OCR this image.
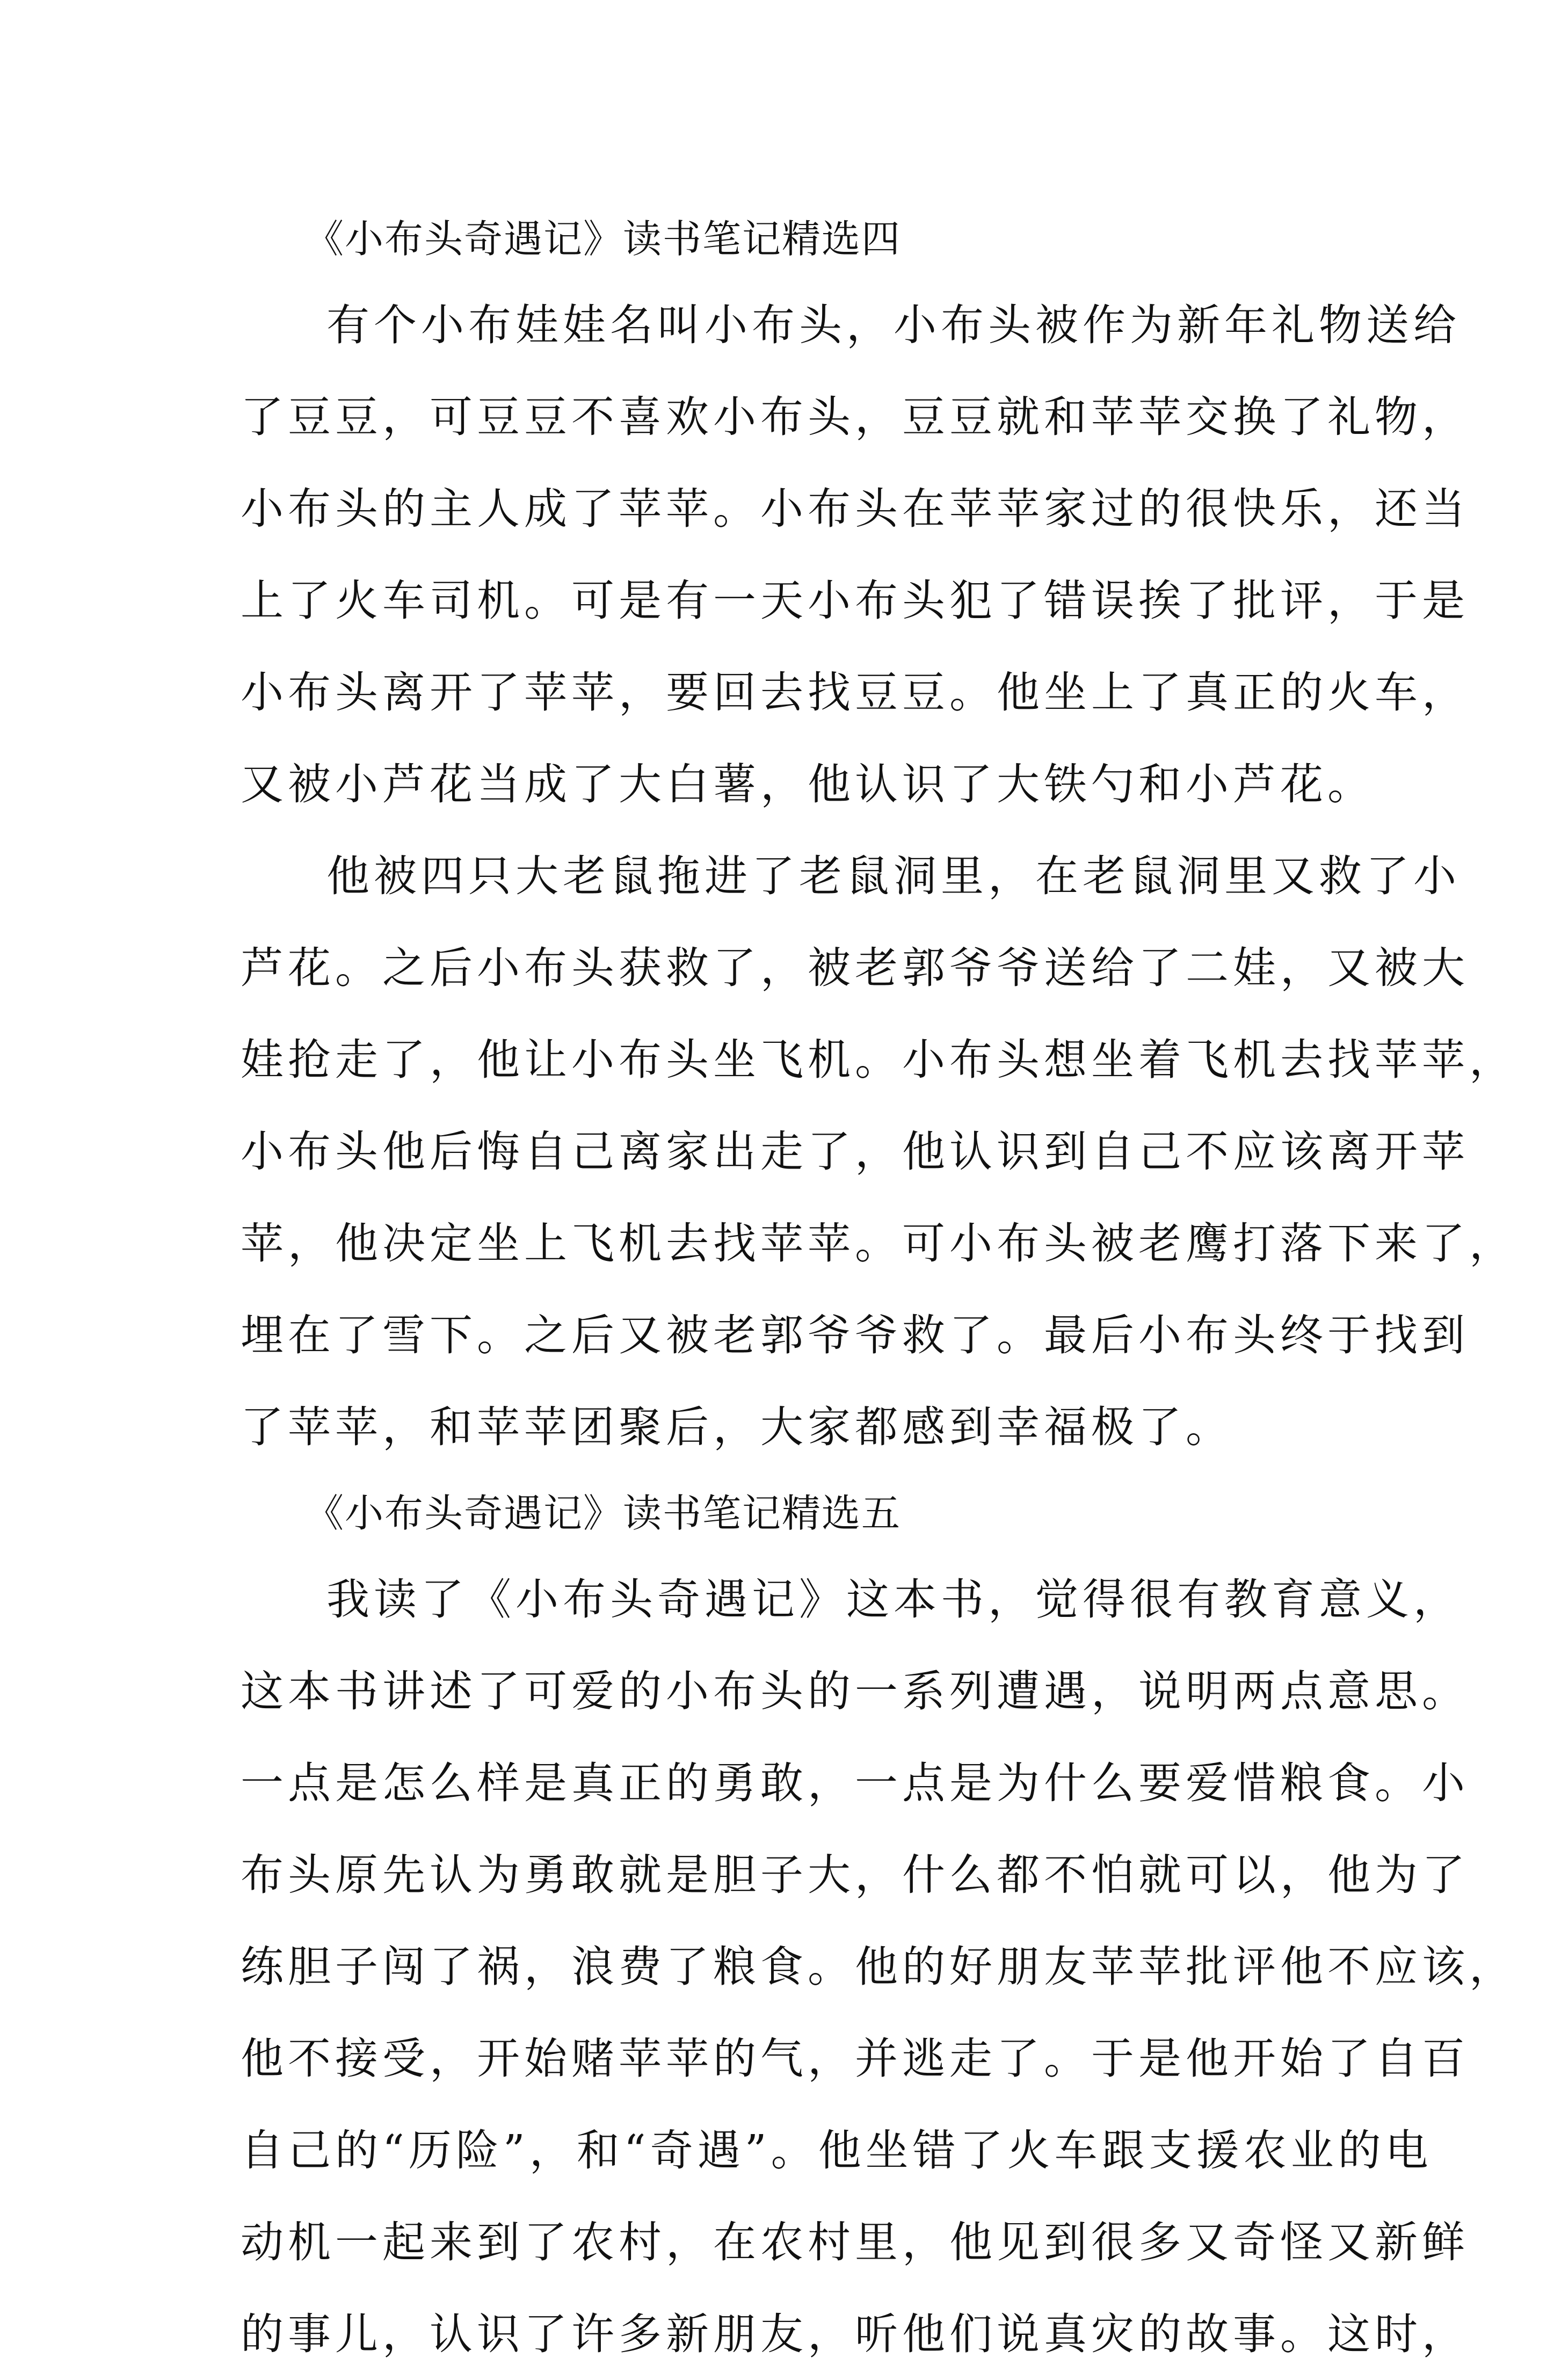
《小布头奇遇记》读书笔记精选四
有个小布娃娃名叫小布头，小布头被作为新年礼物送给
了豆豆，可豆豆不喜欢小布头，豆豆就和苹苹交换了礼物，
小布头的主人成了苹苹。小布头在苹苹家过的很快乐，还当
上了火车司机。可是有一天小布头犯了错误挨了批评，于是
小布头离开了苹苹，要回去找豆豆。他坐上了真正的火车，
又被小芦花当成了大白薯，他认识了大铁勺和小芦花。
他被四只大老鼠拖进了老鼠洞里，在老鼠洞里又救了小
芦花。之后小布头获救了，被老郭爷爷送给了二娃，又被大
娃抢走了，他让小布头坐飞机。小布头想坐着飞机去找苹苹，
小布头他后悔自己离家出走了，他认识到自己不应该离开苹
苹，他决定坐上飞机去找苹苹。可小布头被老鹰打落下来了，
埋在了雪下。之后又被老郭爷爷救了。最后小布头终于找到
了苹苹，和苹苹团聚后，大家都感到幸福极了。
《小布头奇遇记》读书笔记精选五
我读了《小布头奇遇记》这本书，觉得很有教育意义，
这本书讲述了可爱的小布头的一系列遭遇，说明两点意思。
一点是怎么样是真正的勇敢，一点是为什么要爱惜粮食。小
布头原先认为勇敢就是胆子大，什么都不怕就可以，他为了
练胆子闯了祸，浪费了粮食。他的好朋友苹苹批评他不应该，
他不接受，开始赌苹苹的气，并逃走了。于是他开始了自百
自己的“历险”，和“奇遇”。他坐错了火车跟支援农业的电
动机一起来到了农村，在农村里，他见到很多又奇怪又新鲜
的事儿，认识了许多新朋友，听他们说真灾的故事。这时，
